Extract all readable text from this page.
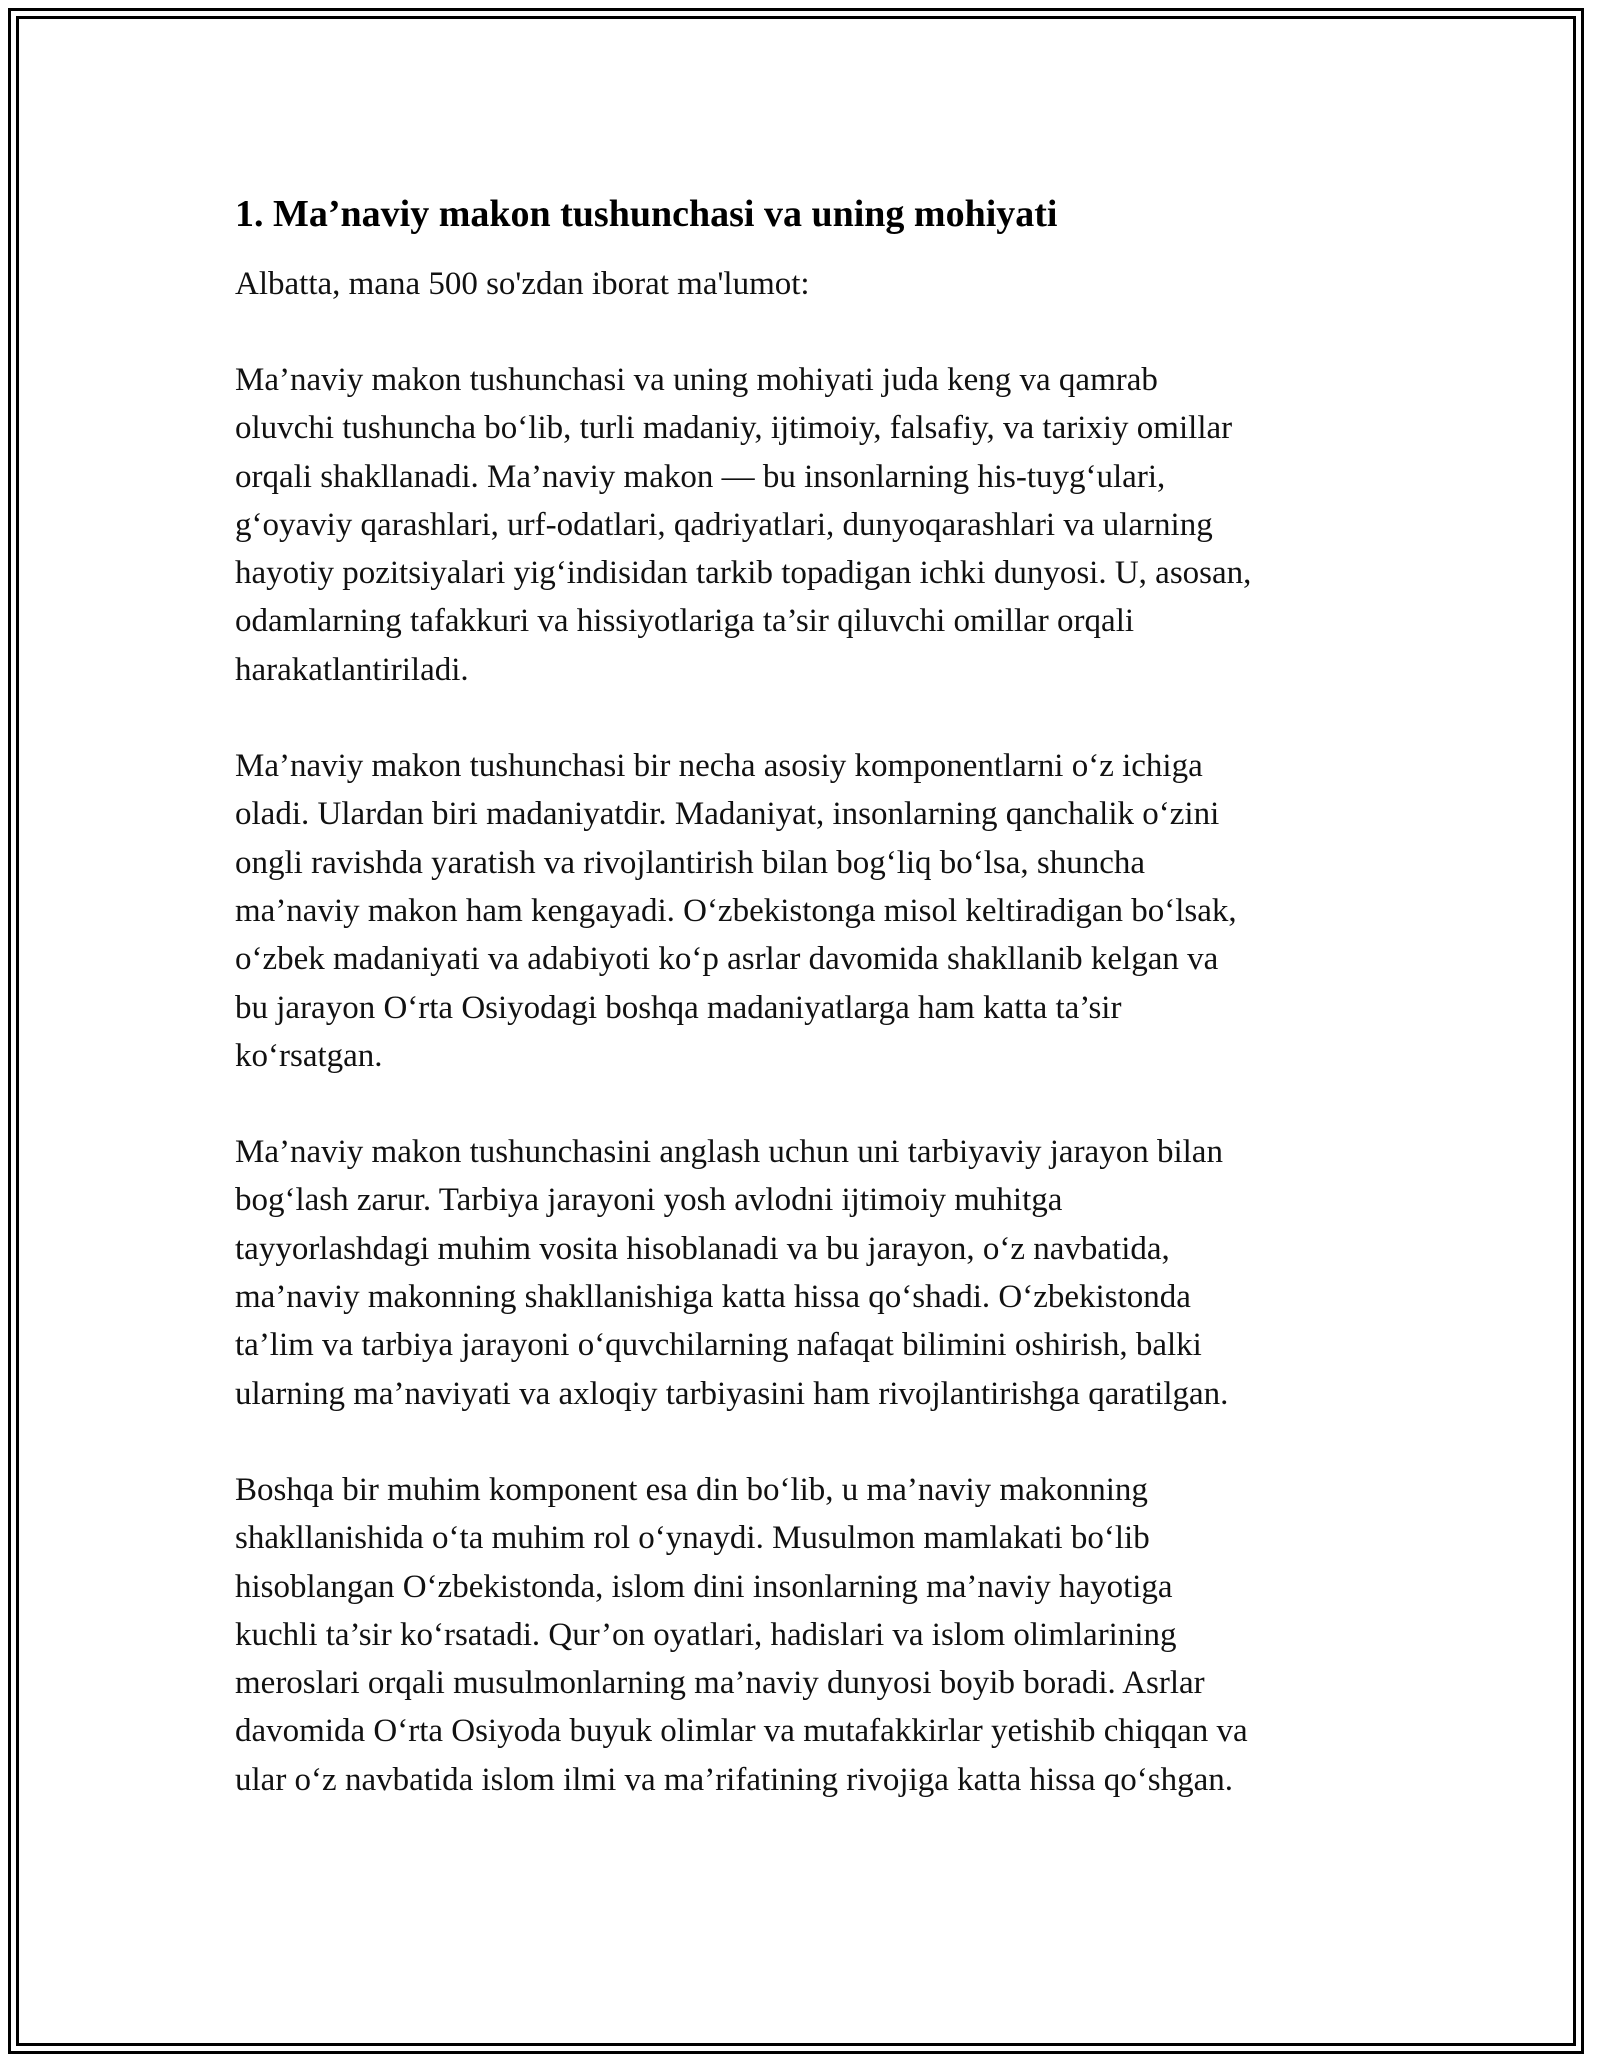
1. Ma’naviy makon tushunchasi va uning mohiyati

Albatta, mana 500 so'zdan iborat ma'lumot:

Ma’naviy makon tushunchasi va uning mohiyati juda keng va qamrab
oluvchi tushuncha boʻlib, turli madaniy, ijtimoiy, falsafiy, va tarixiy omillar
orqali shakllanadi. Ma’naviy makon — bu insonlarning his-tuygʻulari,
gʻoyaviy qarashlari, urf-odatlari, qadriyatlari, dunyoqarashlari va ularning
hayotiy pozitsiyalari yigʻindisidan tarkib topadigan ichki dunyosi. U, asosan,
odamlarning tafakkuri va hissiyotlariga ta’sir qiluvchi omillar orqali
harakatlantiriladi.

Ma’naviy makon tushunchasi bir necha asosiy komponentlarni oʻz ichiga
oladi. Ulardan biri madaniyatdir. Madaniyat, insonlarning qanchalik oʻzini
ongli ravishda yaratish va rivojlantirish bilan bogʻliq boʻlsa, shuncha
ma’naviy makon ham kengayadi. Oʻzbekistonga misol keltiradigan boʻlsak,
oʻzbek madaniyati va adabiyoti koʻp asrlar davomida shakllanib kelgan va
bu jarayon Oʻrta Osiyodagi boshqa madaniyatlarga ham katta ta’sir
koʻrsatgan.

Ma’naviy makon tushunchasini anglash uchun uni tarbiyaviy jarayon bilan
bogʻlash zarur. Tarbiya jarayoni yosh avlodni ijtimoiy muhitga
tayyorlashdagi muhim vosita hisoblanadi va bu jarayon, oʻz navbatida,
ma’naviy makonning shakllanishiga katta hissa qoʻshadi. Oʻzbekistonda
ta’lim va tarbiya jarayoni oʻquvchilarning nafaqat bilimini oshirish, balki
ularning ma’naviyati va axloqiy tarbiyasini ham rivojlantirishga qaratilgan.

Boshqa bir muhim komponent esa din boʻlib, u ma’naviy makonning
shakllanishida oʻta muhim rol oʻynaydi. Musulmon mamlakati boʻlib
hisoblangan Oʻzbekistonda, islom dini insonlarning ma’naviy hayotiga
kuchli ta’sir koʻrsatadi. Qur’on oyatlari, hadislari va islom olimlarining
meroslari orqali musulmonlarning ma’naviy dunyosi boyib boradi. Asrlar
davomida Oʻrta Osiyoda buyuk olimlar va mutafakkirlar yetishib chiqqan va
ular oʻz navbatida islom ilmi va ma’rifatining rivojiga katta hissa qoʻshgan.
